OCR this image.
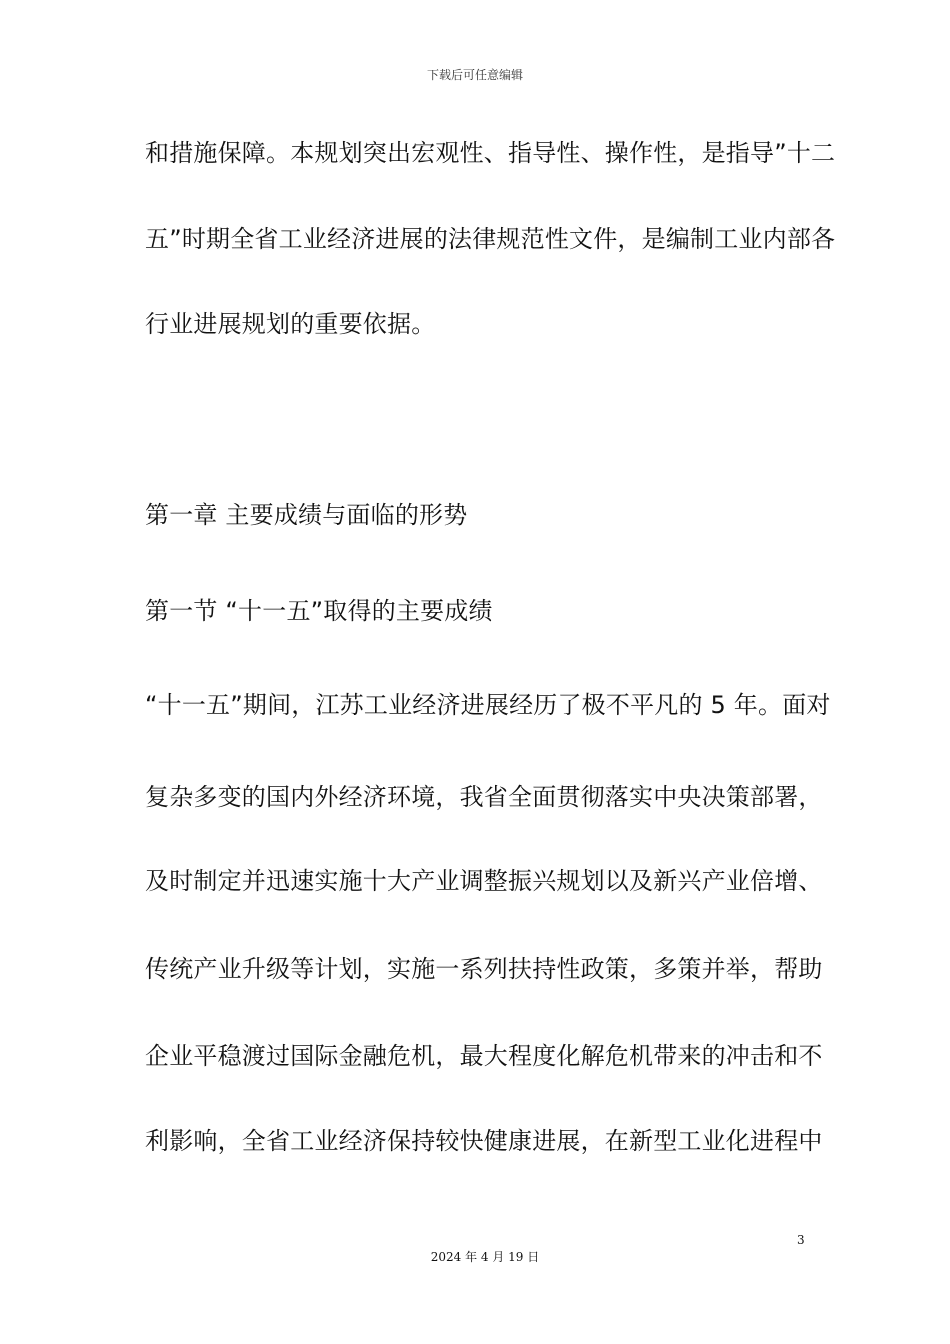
下载后可任意编辑
和措施保障。本规划突出宏观性、指导性、操作性，是指导”十二
五”时期全省工业经济进展的法律规范性文件，是编制工业内部各
行业进展规划的重要依据。
第一章 主要成绩与面临的形势
第一节 “十一五”取得的主要成绩
“十一五”期间，江苏工业经济进展经历了极不平凡的 5 年。面对
复杂多变的国内外经济环境，我省全面贯彻落实中央决策部署，
及时制定并迅速实施十大产业调整振兴规划以及新兴产业倍增、
传统产业升级等计划，实施一系列扶持性政策，多策并举，帮助
企业平稳渡过国际金融危机，最大程度化解危机带来的冲击和不
利影响，全省工业经济保持较快健康进展，在新型工业化进程中
3
2024 年 4 月 19 日
